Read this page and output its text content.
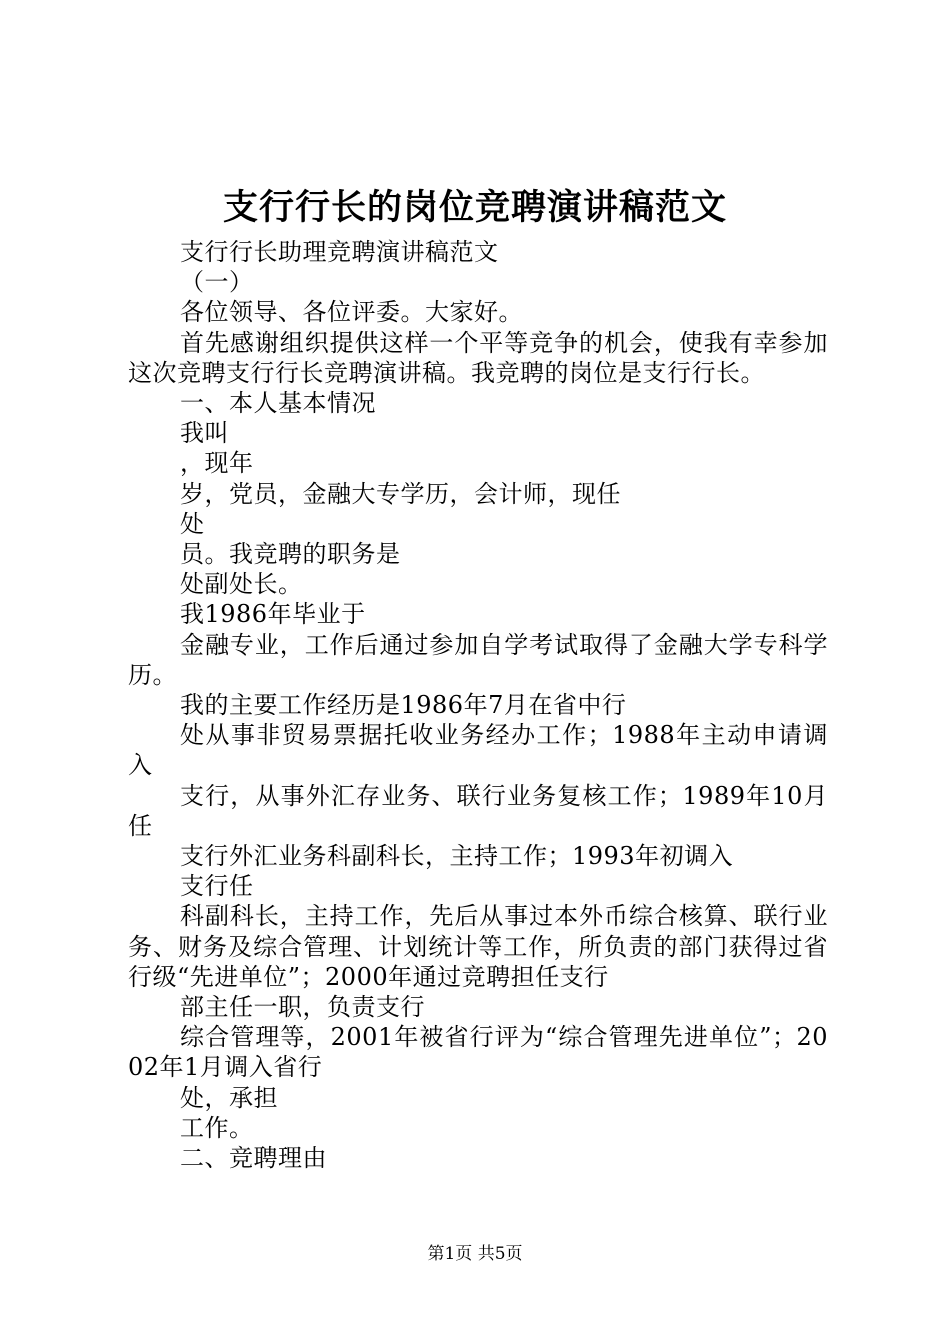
支行行长的岗位竞聘演讲稿范文

支行行长助理竞聘演讲稿范文

（一）

各位领导、各位评委。大家好。

首先感谢组织提供这样一个平等竞争的机会，使我有幸参加这次竞聘支行行长竞聘演讲稿。我竞聘的岗位是支行行长。

一、本人基本情况

我叫

，现年

岁，党员，金融大专学历，会计师，现任

处

员。我竞聘的职务是

处副处长。

我1986年毕业于

金融专业，工作后通过参加自学考试取得了金融大学专科学历。

我的主要工作经历是1986年7月在省中行

处从事非贸易票据托收业务经办工作；1988年主动申请调入

支行，从事外汇存业务、联行业务复核工作；1989年10月任

支行外汇业务科副科长，主持工作；1993年初调入

支行任

科副科长，主持工作，先后从事过本外币综合核算、联行业务、财务及综合管理、计划统计等工作，所负责的部门获得过省行级“先进单位”；2000年通过竞聘担任支行

部主任一职，负责支行

综合管理等，2001年被省行评为“综合管理先进单位”；2002年1月调入省行

处，承担

工作。

二、竞聘理由

第1页 共5页
